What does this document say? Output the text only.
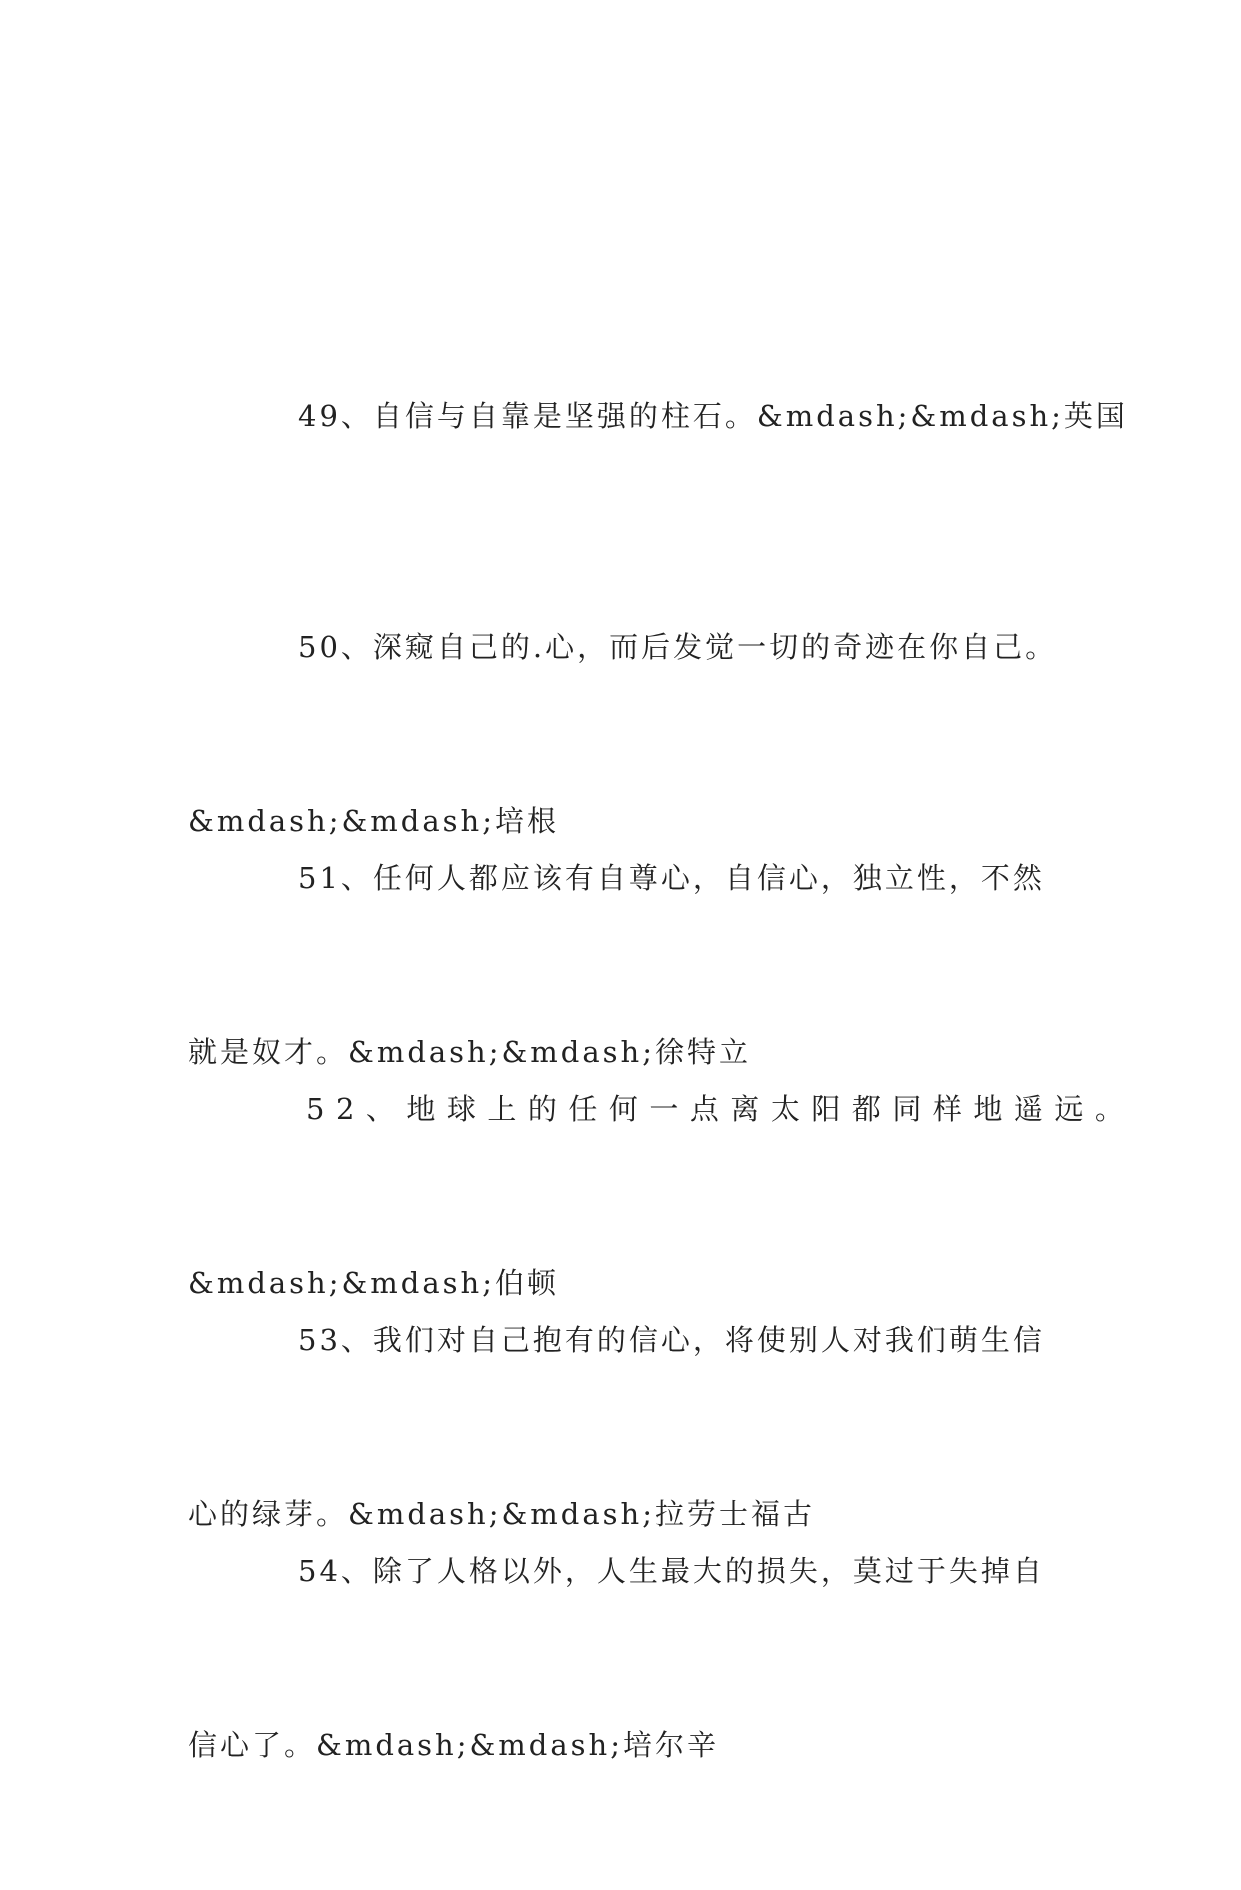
49、自信与自靠是坚强的柱石。&mdash;&mdash;英国

50、深窥自己的.心，而后发觉一切的奇迹在你自己。

&mdash;&mdash;培根

51、任何人都应该有自尊心，自信心，独立性，不然

就是奴才。&mdash;&mdash;徐特立

52、地球上的任何一点离太阳都同样地遥远。

&mdash;&mdash;伯顿

53、我们对自己抱有的信心，将使别人对我们萌生信

心的绿芽。&mdash;&mdash;拉劳士福古

54、除了人格以外，人生最大的损失，莫过于失掉自

信心了。&mdash;&mdash;培尔辛
